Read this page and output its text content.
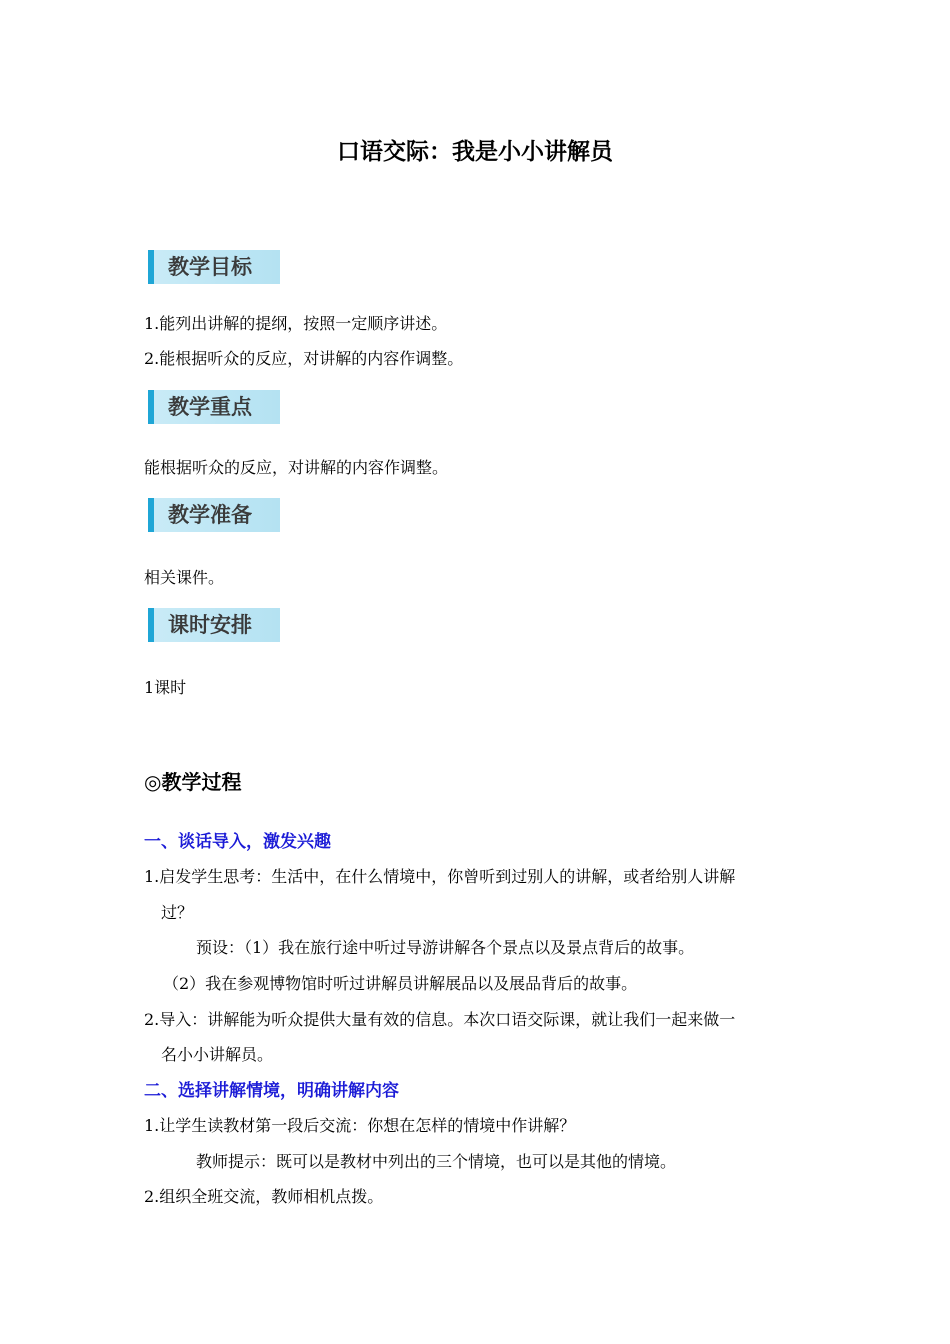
口语交际：我是小小讲解员
教学目标
1.能列出讲解的提纲，按照一定顺序讲述。
2.能根据听众的反应，对讲解的内容作调整。
教学重点
能根据听众的反应，对讲解的内容作调整。
教学准备
相关课件。
课时安排
1课时
◎教学过程
一、谈话导入，激发兴趣
1.启发学生思考：生活中，在什么情境中，你曾听到过别人的讲解，或者给别人讲解
过？
预设：（1）我在旅行途中听过导游讲解各个景点以及景点背后的故事。
（2）我在参观博物馆时听过讲解员讲解展品以及展品背后的故事。
2.导入：讲解能为听众提供大量有效的信息。本次口语交际课，就让我们一起来做一
名小小讲解员。
二、选择讲解情境，明确讲解内容
1.让学生读教材第一段后交流：你想在怎样的情境中作讲解？
教师提示：既可以是教材中列出的三个情境，也可以是其他的情境。
2.组织全班交流，教师相机点拨。
